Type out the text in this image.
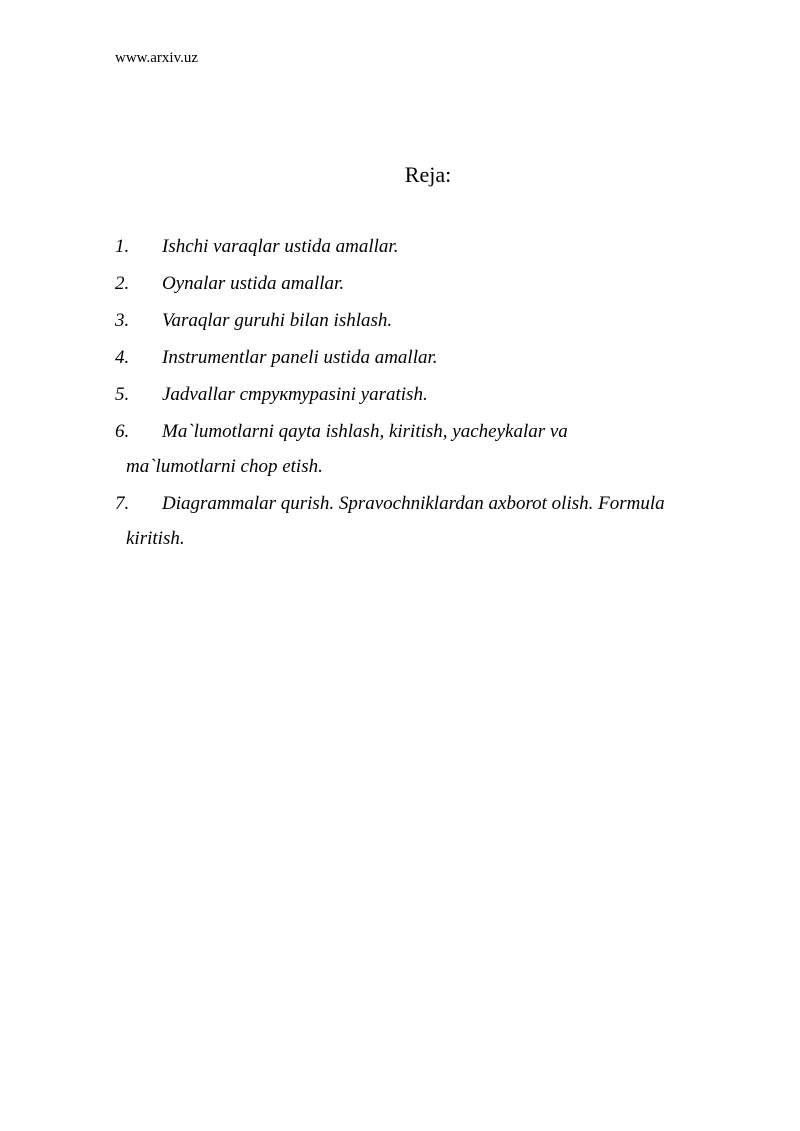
www.arxiv.uz
Reja:
1.	Ishchi varaqlar ustida amallar.
2.	Oynalar ustida amallar.
3.	Varaqlar guruhi bilan ishlash.
4.	Instrumentlar paneli ustida amallar.
5.	Jadvallar структурasini yaratish.
6.	Ma`lumotlarni qayta ishlash, kiritish, yacheykalar va
ma`lumotlarni chop etish.
7.	Diagrammalar qurish. Spravochniklardan axborot olish. Formula
kiritish.
